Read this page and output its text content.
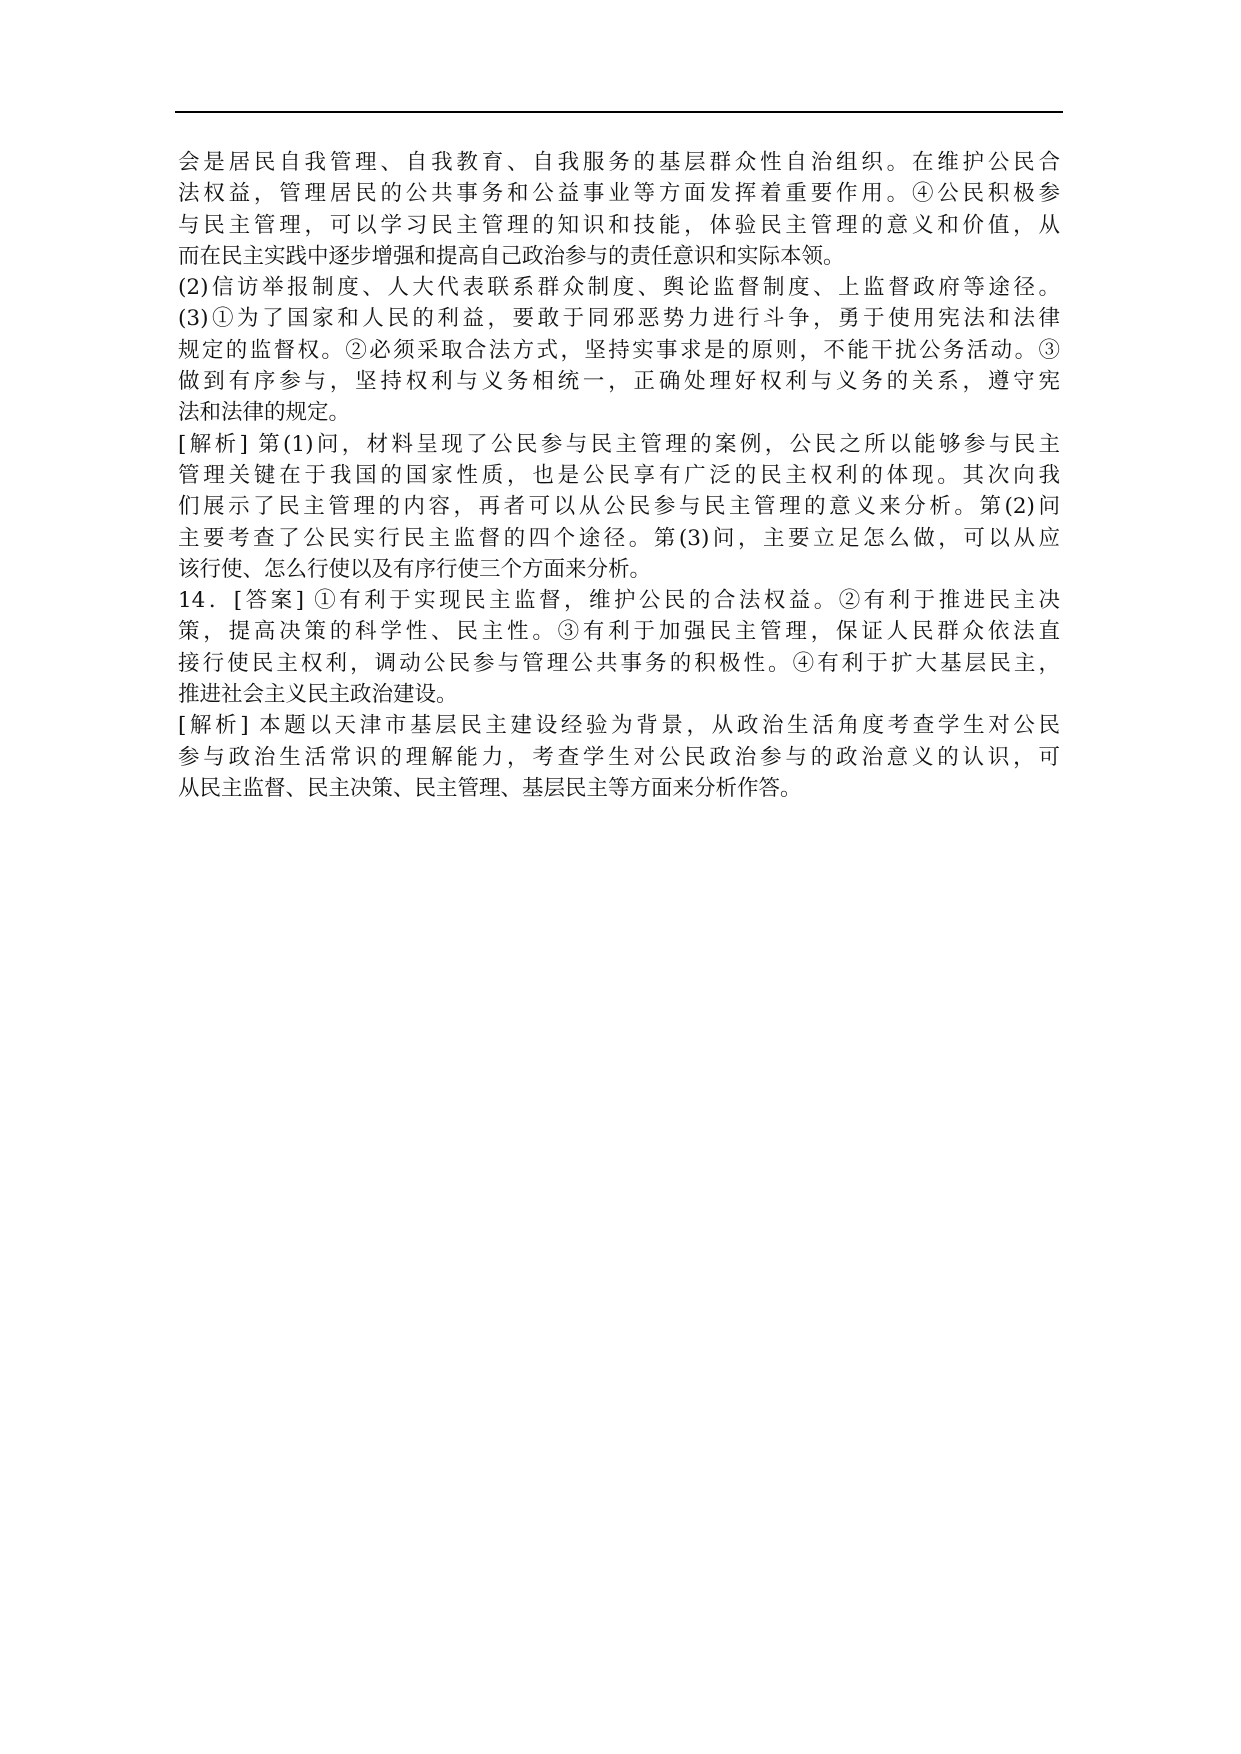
会是居民自我管理、自我教育、自我服务的基层群众性自治组织。在维护公民合
法权益，管理居民的公共事务和公益事业等方面发挥着重要作用。④公民积极参
与民主管理，可以学习民主管理的知识和技能，体验民主管理的意义和价值，从
而在民主实践中逐步增强和提高自己政治参与的责任意识和实际本领。
(2)信访举报制度、人大代表联系群众制度、舆论监督制度、上监督政府等途径。
(3)①为了国家和人民的利益，要敢于同邪恶势力进行斗争，勇于使用宪法和法律
规定的监督权。②必须采取合法方式，坚持实事求是的原则，不能干扰公务活动。③
做到有序参与，坚持权利与义务相统一，正确处理好权利与义务的关系，遵守宪
法和法律的规定。
[解析] 第(1)问，材料呈现了公民参与民主管理的案例，公民之所以能够参与民主
管理关键在于我国的国家性质，也是公民享有广泛的民主权利的体现。其次向我
们展示了民主管理的内容，再者可以从公民参与民主管理的意义来分析。第(2)问
主要考查了公民实行民主监督的四个途径。第(3)问，主要立足怎么做，可以从应
该行使、怎么行使以及有序行使三个方面来分析。
14．[答案] ①有利于实现民主监督，维护公民的合法权益。②有利于推进民主决
策，提高决策的科学性、民主性。③有利于加强民主管理，保证人民群众依法直
接行使民主权利，调动公民参与管理公共事务的积极性。④有利于扩大基层民主，
推进社会主义民主政治建设。
[解析] 本题以天津市基层民主建设经验为背景，从政治生活角度考查学生对公民
参与政治生活常识的理解能力，考查学生对公民政治参与的政治意义的认识，可
从民主监督、民主决策、民主管理、基层民主等方面来分析作答。
